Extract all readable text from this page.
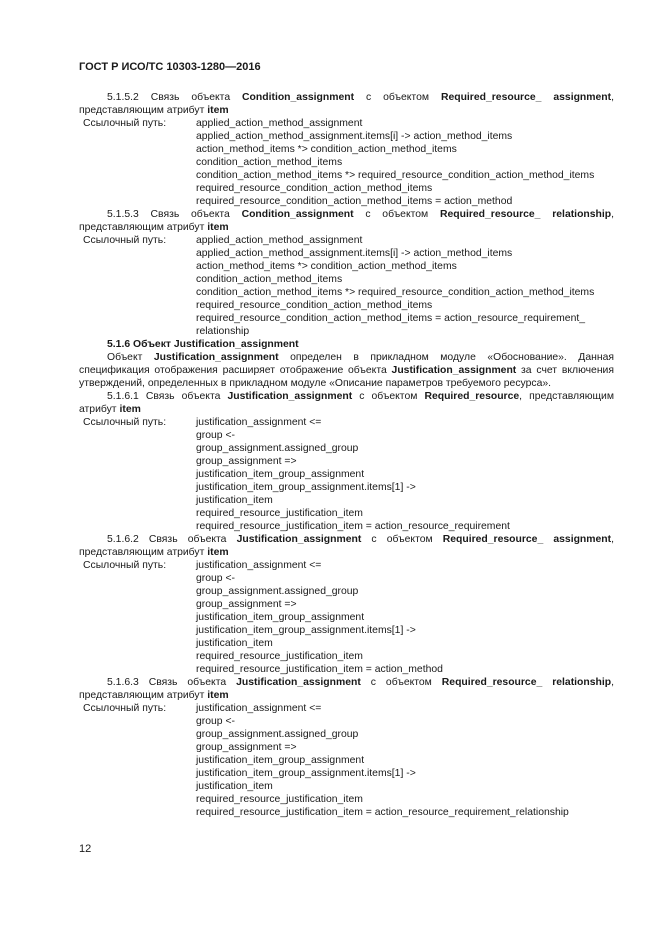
ГОСТ Р ИСО/ТС 10303-1280—2016
5.1.5.2 Связь объекта Condition_assignment с объектом Required_resource_ assignment, представляющим атрибут item
Ссылочный путь:	applied_action_method_assignment
applied_action_method_assignment.items[i] -> action_method_items
action_method_items *> condition_action_method_items
condition_action_method_items
condition_action_method_items *> required_resource_condition_action_method_items
required_resource_condition_action_method_items
required_resource_condition_action_method_items = action_method
5.1.5.3 Связь объекта Condition_assignment с объектом Required_resource_ relationship, представляющим атрибут item
Ссылочный путь:	applied_action_method_assignment
applied_action_method_assignment.items[i] -> action_method_items
action_method_items *> condition_action_method_items
condition_action_method_items
condition_action_method_items *> required_resource_condition_action_method_items
required_resource_condition_action_method_items
required_resource_condition_action_method_items = action_resource_requirement_
relationship
5.1.6 Объект Justification_assignment
Объект Justification_assignment определен в прикладном модуле «Обоснование». Данная спецификация отображения расширяет отображение объекта Justification_assignment за счет включения утверждений, определенных в прикладном модуле «Описание параметров требуемого ресурса».
5.1.6.1 Связь объекта Justification_assignment с объектом Required_resource, представляющим атрибут item
Ссылочный путь:	justification_assignment <=
group <-
group_assignment.assigned_group
group_assignment =>
justification_item_group_assignment
justification_item_group_assignment.items[1] ->
justification_item
required_resource_justification_item
required_resource_justification_item = action_resource_requirement
5.1.6.2 Связь объекта Justification_assignment с объектом Required_resource_ assignment, представляющим атрибут item
Ссылочный путь:	justification_assignment <=
group <-
group_assignment.assigned_group
group_assignment =>
justification_item_group_assignment
justification_item_group_assignment.items[1] ->
justification_item
required_resource_justification_item
required_resource_justification_item = action_method
5.1.6.3 Связь объекта Justification_assignment с объектом Required_resource_ relationship, представляющим атрибут item
Ссылочный путь:	justification_assignment <=
group <-
group_assignment.assigned_group
group_assignment =>
justification_item_group_assignment
justification_item_group_assignment.items[1] ->
justification_item
required_resource_justification_item
required_resource_justification_item = action_resource_requirement_relationship
12
